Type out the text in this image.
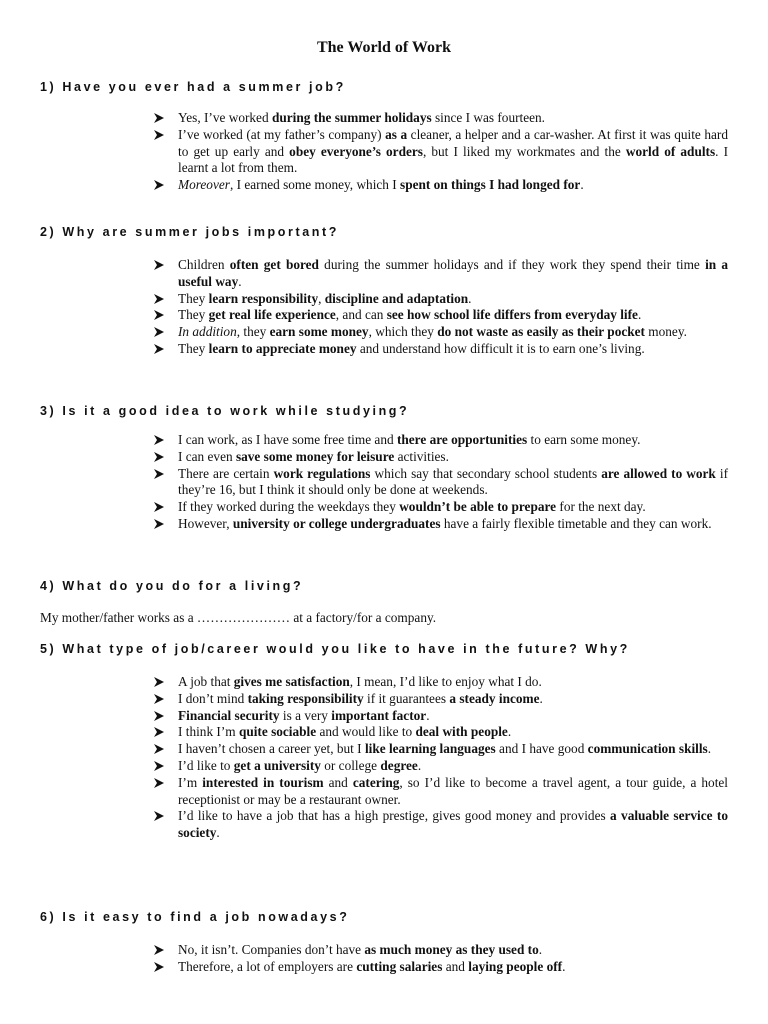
The World of Work
1) Have you ever had a summer job?
Yes, I’ve worked during the summer holidays since I was fourteen.
I’ve worked (at my father’s company) as a cleaner, a helper and a car-washer. At first it was quite hard to get up early and obey everyone’s orders, but I liked my workmates and the world of adults. I learnt a lot from them.
Moreover, I earned some money, which I spent on things I had longed for.
2) Why are summer jobs important?
Children often get bored during the summer holidays and if they work they spend their time in a useful way.
They learn responsibility, discipline and adaptation.
They get real life experience, and can see how school life differs from everyday life.
In addition, they earn some money, which they do not waste as easily as their pocket money.
They learn to appreciate money and understand how difficult it is to earn one’s living.
3) Is it a good idea to work while studying?
I can work, as I have some free time and there are opportunities to earn some money.
I can even save some money for leisure activities.
There are certain work regulations which say that secondary school students are allowed to work if they’re 16, but I think it should only be done at weekends.
If they worked during the weekdays they wouldn’t be able to prepare for the next day.
However, university or college undergraduates have a fairly flexible timetable and they can work.
4) What do you do for a living?
My mother/father works as a ………………… at a factory/for a company.
5) What type of job/career would you like to have in the future? Why?
A job that gives me satisfaction, I mean, I’d like to enjoy what I do.
I don’t mind taking responsibility if it guarantees a steady income.
Financial security is a very important factor.
I think I’m quite sociable and would like to deal with people.
I haven’t chosen a career yet, but I like learning languages and I have good communication skills.
I’d like to get a university or college degree.
I’m interested in tourism and catering, so I’d like to become a travel agent, a tour guide, a hotel receptionist or may be a restaurant owner.
I’d like to have a job that has a high prestige, gives good money and provides a valuable service to society.
6) Is it easy to find a job nowadays?
No, it isn’t. Companies don’t have as much money as they used to.
Therefore, a lot of employers are cutting salaries and laying people off.
